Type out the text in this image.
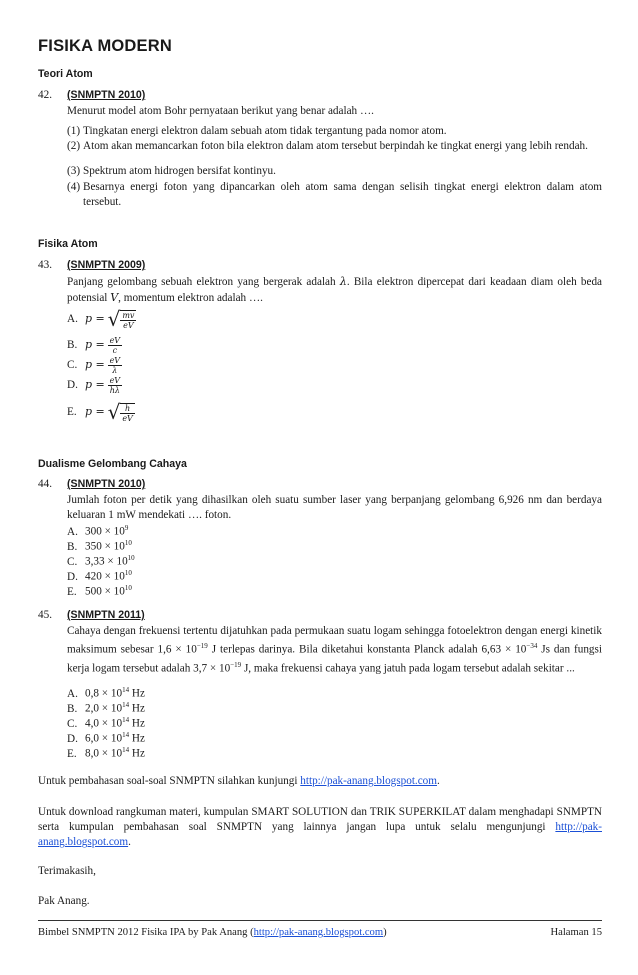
FISIKA MODERN
Teori Atom
42. (SNMPTN 2010)
Menurut model atom Bohr pernyataan berikut yang benar adalah ….
(1) Tingkatan energi elektron dalam sebuah atom tidak tergantung pada nomor atom.
(2) Atom akan memancarkan foton bila elektron dalam atom tersebut berpindah ke tingkat energi yang lebih rendah.
(3) Spektrum atom hidrogen bersifat kontinyu.
(4) Besarnya energi foton yang dipancarkan oleh atom sama dengan selisih tingkat energi elektron dalam atom tersebut.
Fisika Atom
43. (SNMPTN 2009)
Panjang gelombang sebuah elektron yang bergerak adalah λ. Bila elektron dipercepat dari keadaan diam oleh beda potensial V, momentum elektron adalah ….
A. p = √ $\frac{mv}{eV}$
B. $p = \frac{eV}{c}$
C. $p = \frac{eV}{\lambda}$
D. $p = \frac{eV}{h\lambda}$
E. p = √ $\frac{h}{eV}$
Dualisme Gelombang Cahaya
44. (SNMPTN 2010)
Jumlah foton per detik yang dihasilkan oleh suatu sumber laser yang berpanjang gelombang 6,926 nm dan berdaya keluaran 1 mW mendekati …. foton.
A. $300 \times 10^9$
B. $350 \times 10^{10}$
C. $3,33 \times 10^{10}$
D. $420 \times 10^{10}$
E. $500 \times 10^{10}$
45. (SNMPTN 2011)
Cahaya dengan frekuensi tertentu dijatuhkan pada permukaan suatu logam sehingga fotoelektron dengan energi kinetik maksimum sebesar $1,6 \times 10^{-19}$ J terlepas darinya. Bila diketahui konstanta Planck adalah $6,63 \times 10^{-34}$ Js dan fungsi kerja logam tersebut adalah $3,7 \times 10^{-19}$ J, maka frekuensi cahaya yang jatuh pada logam tersebut adalah sekitar ...
A. $0,8 \times 10^{14}$ Hz
B. $2,0 \times 10^{14}$ Hz
C. $4,0 \times 10^{14}$ Hz
D. $6,0 \times 10^{14}$ Hz
E. $8,0 \times 10^{14}$ Hz
Untuk pembahasan soal-soal SNMPTN silahkan kunjungi http://pak-anang.blogspot.com.
Untuk download rangkuman materi, kumpulan SMART SOLUTION dan TRIK SUPERKILAT dalam menghadapi SNMPTN serta kumpulan pembahasan soal SNMPTN yang lainnya jangan lupa untuk selalu mengunjungi http://pak-anang.blogspot.com.
Terimakasih,
Pak Anang.
Bimbel SNMPTN 2012 Fisika IPA by Pak Anang (http://pak-anang.blogspot.com)	Halaman 15
